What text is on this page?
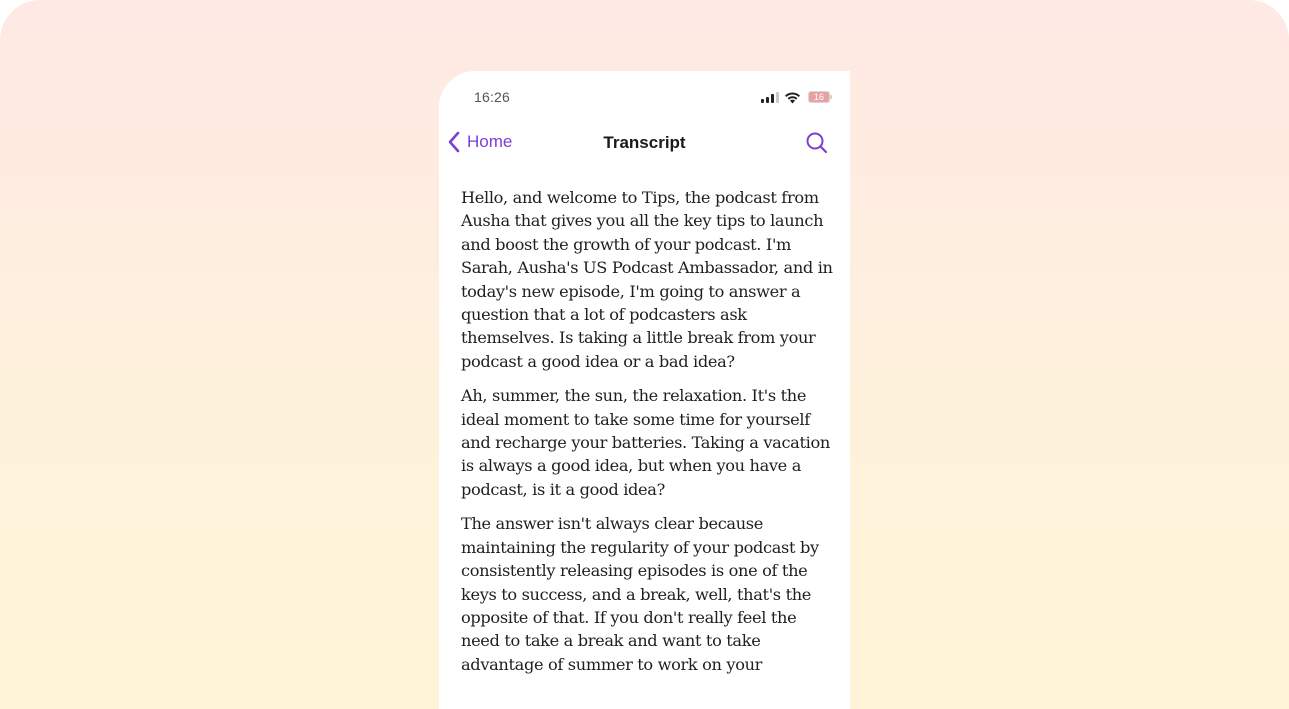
16:26	16
Home	Transcript

Hello, and welcome to Tips, the podcast from Ausha that gives you all the key tips to launch and boost the growth of your podcast. I'm Sarah, Ausha's US Podcast Ambassador, and in today's new episode, I'm going to answer a question that a lot of podcasters ask themselves. Is taking a little break from your podcast a good idea or a bad idea?

Ah, summer, the sun, the relaxation. It's the ideal moment to take some time for yourself and recharge your batteries. Taking a vacation is always a good idea, but when you have a podcast, is it a good idea?

The answer isn't always clear because maintaining the regularity of your podcast by consistently releasing episodes is one of the keys to success, and a break, well, that's the opposite of that. If you don't really feel the need to take a break and want to take advantage of summer to work on your
